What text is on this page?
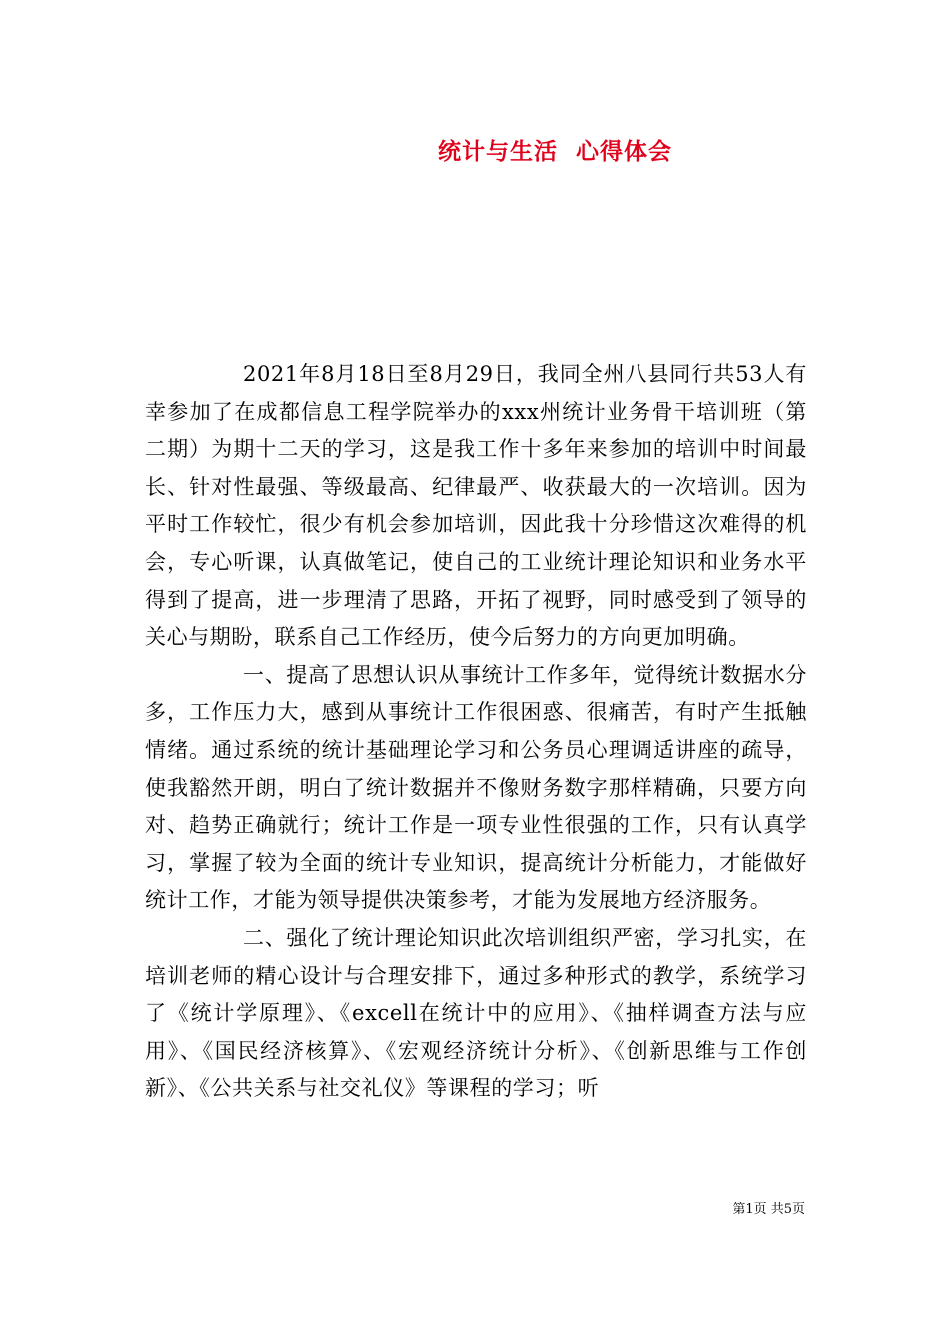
统计与生活  心得体会

2021年8月18日至8月29日，我同全州八县同行共53人有幸参加了在成都信息工程学院举办的xxx州统计业务骨干培训班（第二期）为期十二天的学习，这是我工作十多年来参加的培训中时间最长、针对性最强、等级最高、纪律最严、收获最大的一次培训。因为平时工作较忙，很少有机会参加培训，因此我十分珍惜这次难得的机会，专心听课，认真做笔记，使自己的工业统计理论知识和业务水平得到了提高，进一步理清了思路，开拓了视野，同时感受到了领导的关心与期盼，联系自己工作经历，使今后努力的方向更加明确。

一、提高了思想认识从事统计工作多年，觉得统计数据水分多，工作压力大，感到从事统计工作很困惑、很痛苦，有时产生抵触情绪。通过系统的统计基础理论学习和公务员心理调适讲座的疏导，使我豁然开朗，明白了统计数据并不像财务数字那样精确，只要方向对、趋势正确就行；统计工作是一项专业性很强的工作，只有认真学习，掌握了较为全面的统计专业知识，提高统计分析能力，才能做好统计工作，才能为领导提供决策参考，才能为发展地方经济服务。

二、强化了统计理论知识此次培训组织严密，学习扎实，在培训老师的精心设计与合理安排下，通过多种形式的教学，系统学习了《统计学原理》、《excell在统计中的应用》、《抽样调查方法与应用》、《国民经济核算》、《宏观经济统计分析》、《创新思维与工作创新》、《公共关系与社交礼仪》等课程的学习；听

第1页 共5页
